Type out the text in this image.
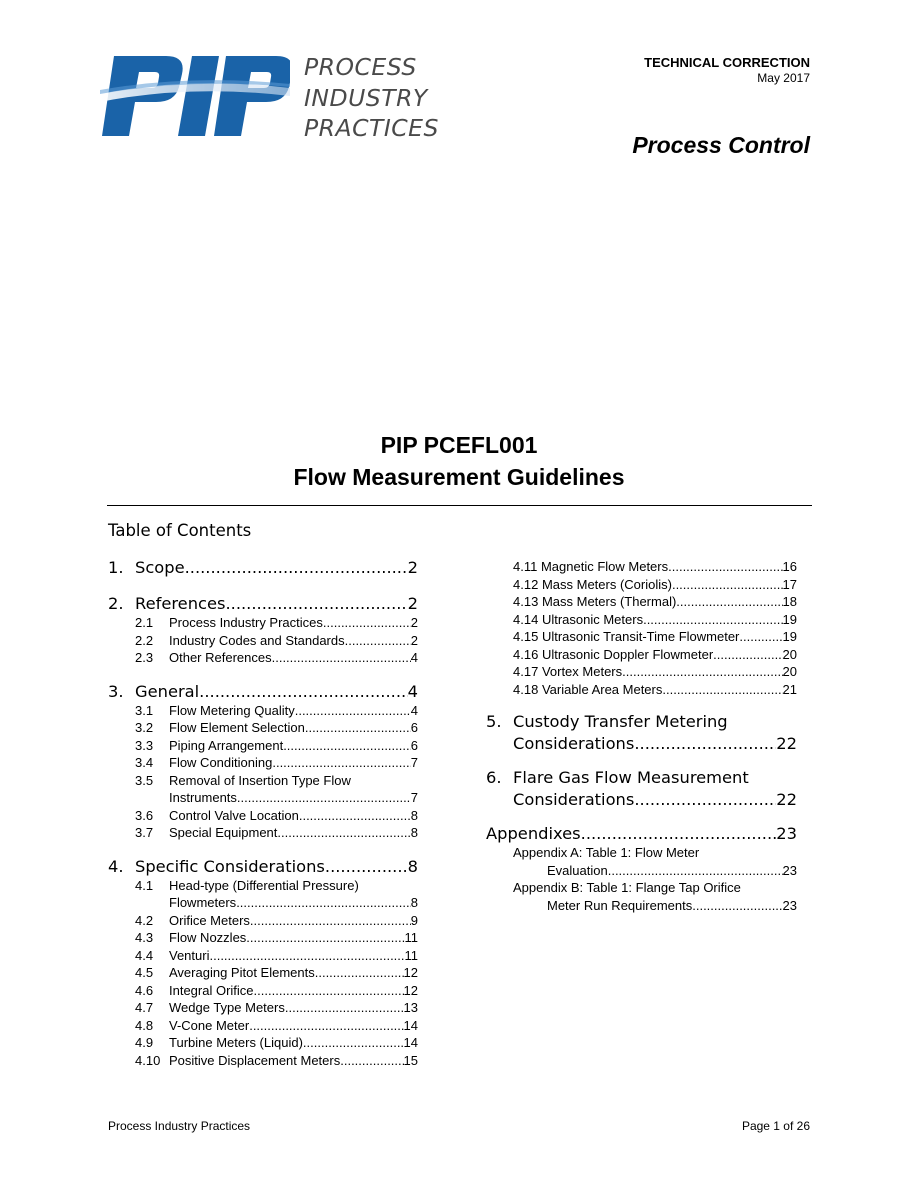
PROCESS
INDUSTRY
PRACTICES
TECHNICAL CORRECTION
May 2017
Process Control
PIP PCEFL001
Flow Measurement Guidelines
Table of Contents
1. Scope .....	2
2. References .....	2
2.1 Process Industry Practices .....	2
2.2 Industry Codes and Standards .....	2
2.3 Other References .....	4
3. General .....	4
3.1 Flow Metering Quality .....	4
3.2 Flow Element Selection .....	6
3.3 Piping Arrangement .....	6
3.4 Flow Conditioning .....	7
3.5 Removal of Insertion Type Flow
Instruments .....	7
3.6 Control Valve Location .....	8
3.7 Special Equipment .....	8
4. Specific Considerations .....	8
4.1 Head-type (Differential Pressure)
Flowmeters .....	8
4.2 Orifice Meters .....	9
4.3 Flow Nozzles .....	11
4.4 Venturi .....	11
4.5 Averaging Pitot Elements .....	12
4.6 Integral Orifice .....	12
4.7 Wedge Type Meters .....	13
4.8 V-Cone Meter .....	14
4.9 Turbine Meters (Liquid) .....	14
4.10 Positive Displacement Meters .....	15
4.11 Magnetic Flow Meters .....	16
4.12 Mass Meters (Coriolis) .....	17
4.13 Mass Meters (Thermal) .....	18
4.14 Ultrasonic Meters .....	19
4.15 Ultrasonic Transit-Time Flowmeter .....	19
4.16 Ultrasonic Doppler Flowmeter .....	20
4.17 Vortex Meters .....	20
4.18 Variable Area Meters .....	21
5. Custody Transfer Metering
Considerations .....	22
6. Flare Gas Flow Measurement
Considerations .....	22
Appendixes .....	23
Appendix A: Table 1: Flow Meter
Evaluation .....	23
Appendix B: Table 1: Flange Tap Orifice
Meter Run Requirements .....	23
Process Industry Practices	Page 1 of 26
